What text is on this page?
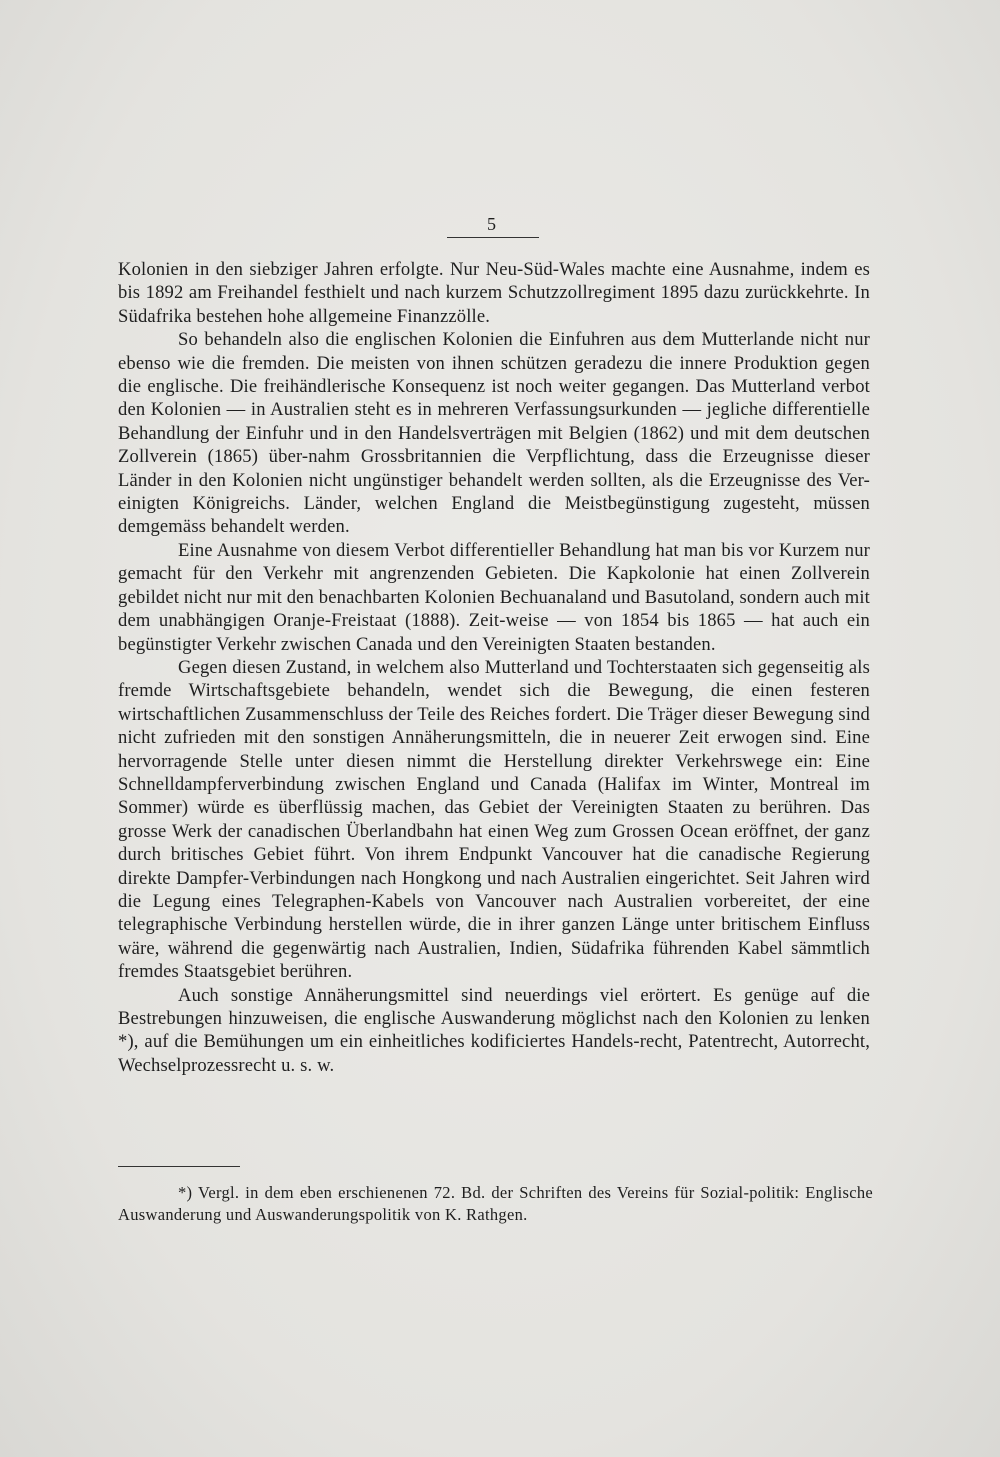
5

Kolonien in den siebziger Jahren erfolgte. Nur Neu-Süd-Wales machte eine Ausnahme, indem es bis 1892 am Freihandel festhielt und nach kurzem Schutzzollregiment 1895 dazu zurückkehrte. In Südafrika bestehen hohe allgemeine Finanzzölle.

So behandeln also die englischen Kolonien die Einfuhren aus dem Mutterlande nicht nur ebenso wie die fremden. Die meisten von ihnen schützen geradezu die innere Produktion gegen die englische. Die freihändlerische Konsequenz ist noch weiter gegangen. Das Mutterland verbot den Kolonien — in Australien steht es in mehreren Verfassungsurkunden — jegliche differentielle Behandlung der Einfuhr und in den Handelsverträgen mit Belgien (1862) und mit dem deutschen Zollverein (1865) über-nahm Grossbritannien die Verpflichtung, dass die Erzeugnisse dieser Länder in den Kolonien nicht ungünstiger behandelt werden sollten, als die Erzeugnisse des Ver-einigten Königreichs. Länder, welchen England die Meistbegünstigung zugesteht, müssen demgemäss behandelt werden.

Eine Ausnahme von diesem Verbot differentieller Behandlung hat man bis vor Kurzem nur gemacht für den Verkehr mit angrenzenden Gebieten. Die Kapkolonie hat einen Zollverein gebildet nicht nur mit den benachbarten Kolonien Bechuanaland und Basutoland, sondern auch mit dem unabhängigen Oranje-Freistaat (1888). Zeit-weise — von 1854 bis 1865 — hat auch ein begünstigter Verkehr zwischen Canada und den Vereinigten Staaten bestanden.

Gegen diesen Zustand, in welchem also Mutterland und Tochterstaaten sich gegenseitig als fremde Wirtschaftsgebiete behandeln, wendet sich die Bewegung, die einen festeren wirtschaftlichen Zusammenschluss der Teile des Reiches fordert. Die Träger dieser Bewegung sind nicht zufrieden mit den sonstigen Annäherungsmitteln, die in neuerer Zeit erwogen sind. Eine hervorragende Stelle unter diesen nimmt die Herstellung direkter Verkehrswege ein: Eine Schnelldampferverbindung zwischen England und Canada (Halifax im Winter, Montreal im Sommer) würde es überflüssig machen, das Gebiet der Vereinigten Staaten zu berühren. Das grosse Werk der canadischen Überlandbahn hat einen Weg zum Grossen Ocean eröffnet, der ganz durch britisches Gebiet führt. Von ihrem Endpunkt Vancouver hat die canadische Regierung direkte Dampfer-Verbindungen nach Hongkong und nach Australien eingerichtet. Seit Jahren wird die Legung eines Telegraphen-Kabels von Vancouver nach Australien vorbereitet, der eine telegraphische Verbindung herstellen würde, die in ihrer ganzen Länge unter britischem Einfluss wäre, während die gegenwärtig nach Australien, Indien, Südafrika führenden Kabel sämmtlich fremdes Staatsgebiet berühren.

Auch sonstige Annäherungsmittel sind neuerdings viel erörtert. Es genüge auf die Bestrebungen hinzuweisen, die englische Auswanderung möglichst nach den Kolonien zu lenken *), auf die Bemühungen um ein einheitliches kodificiertes Handels-recht, Patentrecht, Autorrecht, Wechselprozessrecht u. s. w.

*) Vergl. in dem eben erschienenen 72. Bd. der Schriften des Vereins für Sozial-politik: Englische Auswanderung und Auswanderungspolitik von K. Rathgen.
